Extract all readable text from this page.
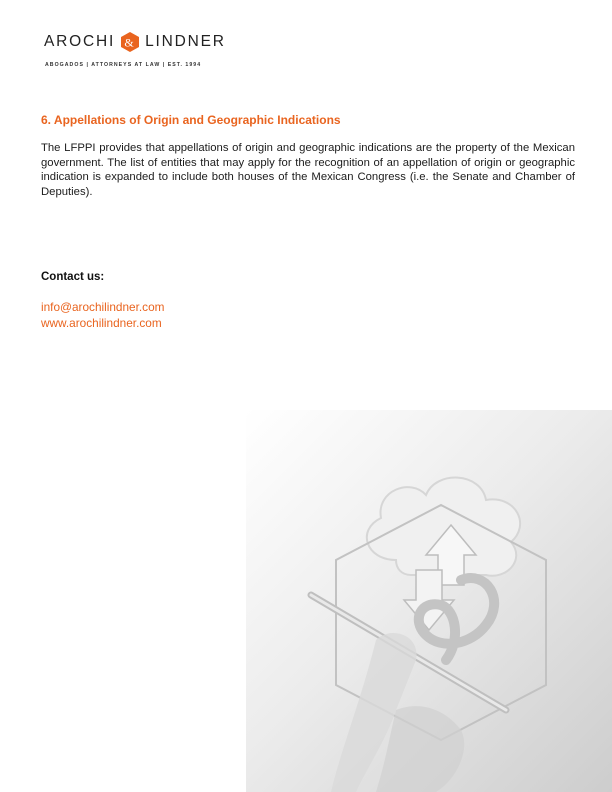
AROCHI & LINDNER
ABOGADOS | ATTORNEYS AT LAW | EST. 1994
6. Appellations of Origin and Geographic Indications
The LFPPI provides that appellations of origin and geographic indications are the property of the Mexican government. The list of entities that may apply for the recognition of an appellation of origin or geographic indication is expanded to include both houses of the Mexican Congress (i.e. the Senate and Chamber of Deputies).
Contact us:
info@arochilindner.com
www.arochilindner.com
